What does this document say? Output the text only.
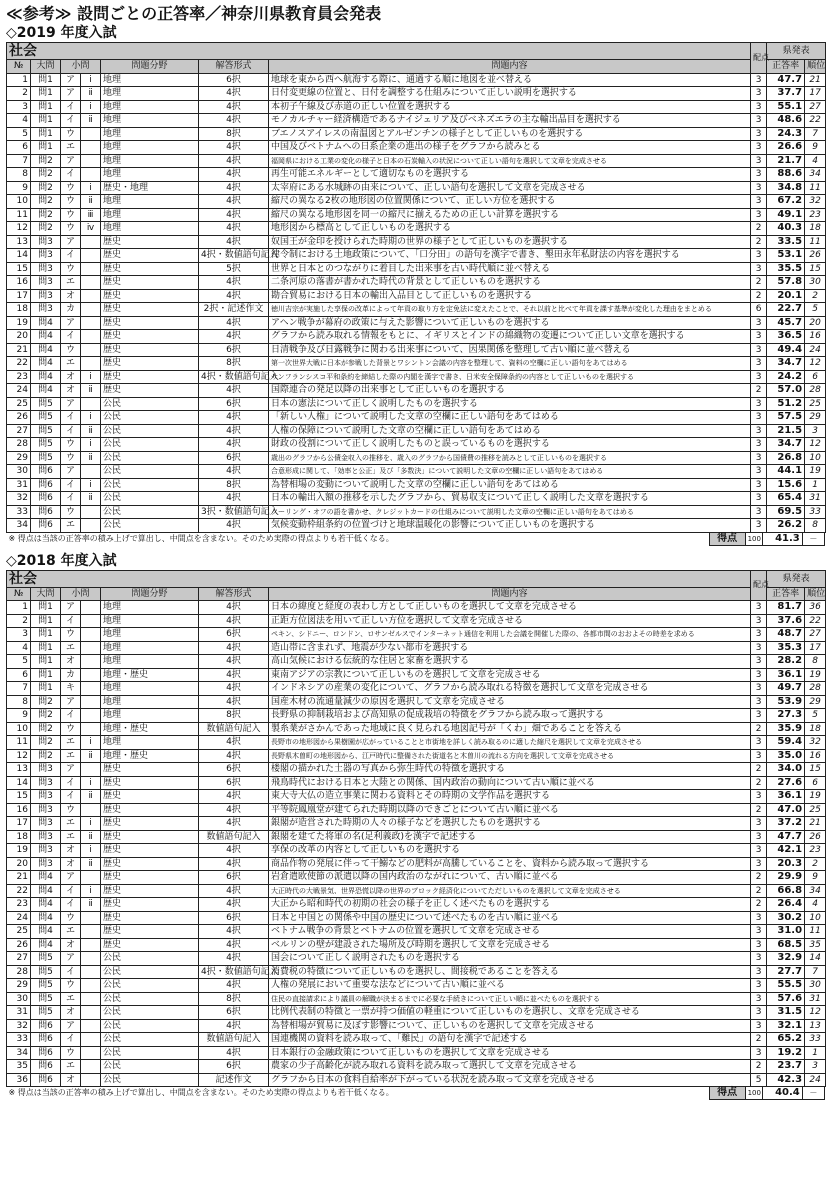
≪参考≫ 設問ごとの正答率／神奈川県教育員会発表
◇2019 年度入試
社会							配点	県発表	
№	大問	小問		問題分野	解答形式	問題内容		正答率	順位
1	問1	ア	ⅰ	地理	6択	地球を東から西へ航海する際に、通過する順に地図を並べ替える	3	47.7	21
2	問1	ア	ⅱ	地理	4択	日付変更線の位置と、日付を調整する仕組みについて正しい説明を選択する	3	37.7	17
3	問1	イ	ⅰ	地理	4択	本初子午線及び赤道の正しい位置を選択する	3	55.1	27
4	問1	イ	ⅱ	地理	4択	モノカルチャー経済構造であるナイジェリア及びベネズエラの主な輸出品目を選択する	3	48.6	22
5	問1	ウ		地理	8択	ブエノスアイレスの南温図とアルゼンチンの様子として正しいものを選択する	3	24.3	7
6	問1	エ		地理	4択	中国及びベトナムへの日系企業の進出の様子をグラフから読みとる	3	26.6	9
7	問2	ア		地理	4択	福岡県における工業の変化の様子と日本の石炭輸入の状況について正しい語句を選択して文章を完成させる	3	21.7	4
8	問2	イ		地理	4択	再生可能エネルギーとして適切なものを選択する	3	88.6	34
9	問2	ウ	ⅰ	歴史・地理	4択	太宰府にある水城跡の由来について、正しい語句を選択して文章を完成させる	3	34.8	11
10	問2	ウ	ⅱ	地理	4択	縮尺の異なる2枚の地形図の位置関係について、正しい方位を選択する	3	67.2	32
11	問2	ウ	ⅲ	地理	4択	縮尺の異なる地形図を同一の縮尺に揃えるための正しい計算を選択する	3	49.1	23
12	問2	ウ	ⅳ	地理	4択	地形図から標高として正しいものを選択する	2	40.3	18
13	問3	ア		歴史	4択	奴国王が金印を授けられた時期の世界の様子として正しいものを選択する	2	33.5	11
14	問3	イ		歴史	4択・数値語句記入	律令制における土地政策について、「口分田」の語句を漢字で書き、墾田永年私財法の内容を選択する	3	53.1	26
15	問3	ウ		歴史	5択	世界と日本とのつながりに着目した出来事を古い時代順に並べ替える	3	35.5	15
16	問3	エ		歴史	4択	二条河原の落書が書かれた時代の背景として正しいものを選択する	2	57.8	30
17	問3	オ		歴史	4択	勘合貿易における日本の輸出入品目として正しいものを選択する	2	20.1	2
18	問3	カ		歴史	2択・記述作文	徳川吉宗が実施した享保の改革によって年貢の取り方を定免法に変えたことで、それ以前と比べて年貢を課す基準が変化した理由をまとめる	6	22.7	5
19	問4	ア		歴史	4択	アヘン戦争が幕府の政策に与えた影響について正しいものを選択する	3	45.7	20
20	問4	イ		歴史	4択	グラフから読み取れる情報をもとに、イギリスとインドの綿織物の変遷について正しい文章を選択する	3	36.5	16
21	問4	ウ		歴史	6択	日清戦争及び日露戦争に関わる出来事について、因果関係を整理して古い順に並べ替える	3	49.4	24
22	問4	エ		歴史	8択	第一次世界大戦に日本が参戦した背景とワシントン会議の内容を整理して、資料の空欄に正しい語句をあてはめる	3	34.7	12
23	問4	オ	ⅰ	歴史	4択・数値語句記入	サンフランシスコ平和条約を締結した際の内閣を漢字で書き、日米安全保障条約の内容として正しいものを選択する	3	24.2	6
24	問4	オ	ⅱ	歴史	4択	国際連合の発足以降の出来事として正しいものを選択する	2	57.0	28
25	問5	ア		公民	6択	日本の憲法について正しく説明したものを選択する	3	51.2	25
26	問5	イ	ⅰ	公民	4択	「新しい人権」について説明した文章の空欄に正しい語句をあてはめる	3	57.5	29
27	問5	イ	ⅱ	公民	4択	人権の保障について説明した文章の空欄に正しい語句をあてはめる	3	21.5	3
28	問5	ウ	ⅰ	公民	4択	財政の役割について正しく説明したものと誤っているものを選択する	3	34.7	12
29	問5	ウ	ⅱ	公民	6択	歳出のグラフから公債金収入の推移を、歳入のグラフから国債費の推移を読みとして正しいものを選択する	3	26.8	10
30	問6	ア		公民	4択	合意形成に関して、「効率と公正」及び「多数決」について説明した文章の空欄に正しい語句をあてはめる	3	44.1	19
31	問6	イ	ⅰ	公民	8択	為替相場の変動について説明した文章の空欄に正しい語句をあてはめる	3	15.6	1
32	問6	イ	ⅱ	公民	4択	日本の輸出入額の推移を示したグラフから、貿易収支について正しく説明した文章を選択する	3	65.4	31
33	問6	ウ		公民	3択・数値語句記入	クーリング・オフの語を書かせ、クレジットカードの仕組みについて説明した文章の空欄に正しい語句をあてはめる	3	69.5	33
34	問6	エ		公民	4択	気候変動枠組条約の位置づけと地球温暖化の影響について正しいものを選択する	3	26.2	8
※ 得点は当該の正答率の積み上げで算出し、中間点を含まない。そのため実際の得点よりも若干低くなる。								
			得点	100	41.3	－
◇2018 年度入試
社会							配点	県発表	
№	大問	小問		問題分野	解答形式	問題内容		正答率	順位
1	問1	ア		地理	4択	日本の緯度と経度の表わし方として正しいものを選択して文章を完成させる	3	81.7	36
2	問1	イ		地理	4択	正距方位図法を用いて正しい方位を選択して文章を完成させる	3	37.6	22
3	問1	ウ		地理	6択	ペキン、シドニー、ロンドン、ロサンゼルスでインターネット通信を利用した会議を開催した際の、各都市間のおおよその時差を求める	3	48.7	27
4	問1	エ		地理	4択	造山帯に含まれず、地震が少ない都市を選択する	3	35.3	17
5	問1	オ		地理	4択	高山気候における伝統的な住居と家畜を選択する	3	28.2	8
6	問1	カ		地理・歴史	4択	東南アジアの宗教について正しいものを選択して文章を完成させる	3	36.1	19
7	問1	キ		地理	4択	インドネシアの産業の変化について、グラフから読み取れる特徴を選択して文章を完成させる	3	49.7	28
8	問2	ア		地理	4択	国産木材の流通量減少の原因を選択して文章を完成させる	3	53.9	29
9	問2	イ		地理	8択	長野県の抑制栽培および高知県の促成栽培の特徴をグラフから読み取って選択する	3	27.3	5
10	問2	ウ		地理・歴史	数値語句記入	製糸業がさかんであった地域に良く見られる地図記号が「くわ」畑であることを答える	2	35.9	18
11	問2	エ	ⅰ	地理	4択	長野市の地形図から果樹園が広がっていることと市街地を詳しく読み取るのに適した縮尺を選択して文章を完成させる	3	59.4	32
12	問2	エ	ⅱ	地理・歴史	4択	長野県木曽町の地形図から、江戸時代に整備された街道名と木曽川の流れる方向を選択して文章を完成させる	3	35.0	16
13	問3	ア		歴史	6択	楼閣の描かれた土器の写真から弥生時代の特徴を選択する	2	34.0	15
14	問3	イ	ⅰ	歴史	6択	飛鳥時代における日本と大陸との関係、国内政治の動向について古い順に並べる	2	27.6	6
15	問3	イ	ⅱ	歴史	4択	東大寺大仏の造立事業に関わる資料とその時期の文学作品を選択する	3	36.1	19
16	問3	ウ		歴史	4択	平等院鳳凰堂が建てられた時期以降のできごとについて古い順に並べる	2	47.0	25
17	問3	エ	ⅰ	歴史	4択	銀閣が造営された時期の人々の様子などを選択したものを選択する	3	37.2	21
18	問3	エ	ⅱ	歴史	数値語句記入	銀閣を建てた将軍の名(足利義政)を漢字で記述する	3	47.7	26
19	問3	オ	ⅰ	歴史	4択	享保の改革の内容として正しいものを選択する	3	42.1	23
20	問3	オ	ⅱ	歴史	4択	商品作物の発展に伴って干鰯などの肥料が高騰していることを、資料から読み取って選択する	3	20.3	2
21	問4	ア		歴史	6択	岩倉遣欧使節の派遣以降の国内政治のながれについて、古い順に並べる	2	29.9	9
22	問4	イ	ⅰ	歴史	4択	大正時代の大戦景気、世界恐慌以降の世界のブロック経済化についてただしいものを選択して文章を完成させる	2	66.8	34
23	問4	イ	ⅱ	歴史	4択	大正から昭和時代の初期の社会の様子を正しく述べたものを選択する	2	26.4	4
24	問4	ウ		歴史	6択	日本と中国との関係や中国の歴史について述べたものを古い順に並べる	3	30.2	10
25	問4	エ		歴史	4択	ベトナム戦争の背景とベトナムの位置を選択して文章を完成させる	3	31.0	11
26	問4	オ		歴史	4択	ベルリンの壁が建設された場所及び時期を選択して文章を完成させる	3	68.5	35
27	問5	ア		公民	4択	国会について正しく説明されたものを選択する	3	32.9	14
28	問5	イ		公民	4択・数値語句記入	消費税の特徴について正しいものを選択し、間接税であることを答える	3	27.7	7
29	問5	ウ		公民	4択	人権の発展において重要な法などについて古い順に並べる	3	55.5	30
30	問5	エ		公民	8択	住民の直接請求により議員の解職が決まるまでに必要な手続きについて正しい順に並べたものを選択する	3	57.6	31
31	問5	オ		公民	6択	比例代表制の特徴と一票が持つ価値の軽重について正しいものを選択し、文章を完成させる	3	31.5	12
32	問6	ア		公民	4択	為替相場が貿易に及ぼす影響について、正しいものを選択して文章を完成させる	3	32.1	13
33	問6	イ		公民	数値語句記入	国連機関の資料を読み取って、「難民」の語句を漢字で記述する	2	65.2	33
34	問6	ウ		公民	4択	日本銀行の金融政策について正しいものを選択して文章を完成させる	3	19.2	1
35	問6	エ		公民	6択	農家の少子高齢化が読み取れる資料を読み取って選択して文章を完成させる	2	23.7	3
36	問6	オ		公民	記述作文	グラフから日本の食料自給率が下がっている状況を読み取って文章を完成させる	5	42.3	24
※ 得点は当該の正答率の積み上げで算出し、中間点を含まない。そのため実際の得点よりも若干低くなる。								
			得点	100	40.4	－
